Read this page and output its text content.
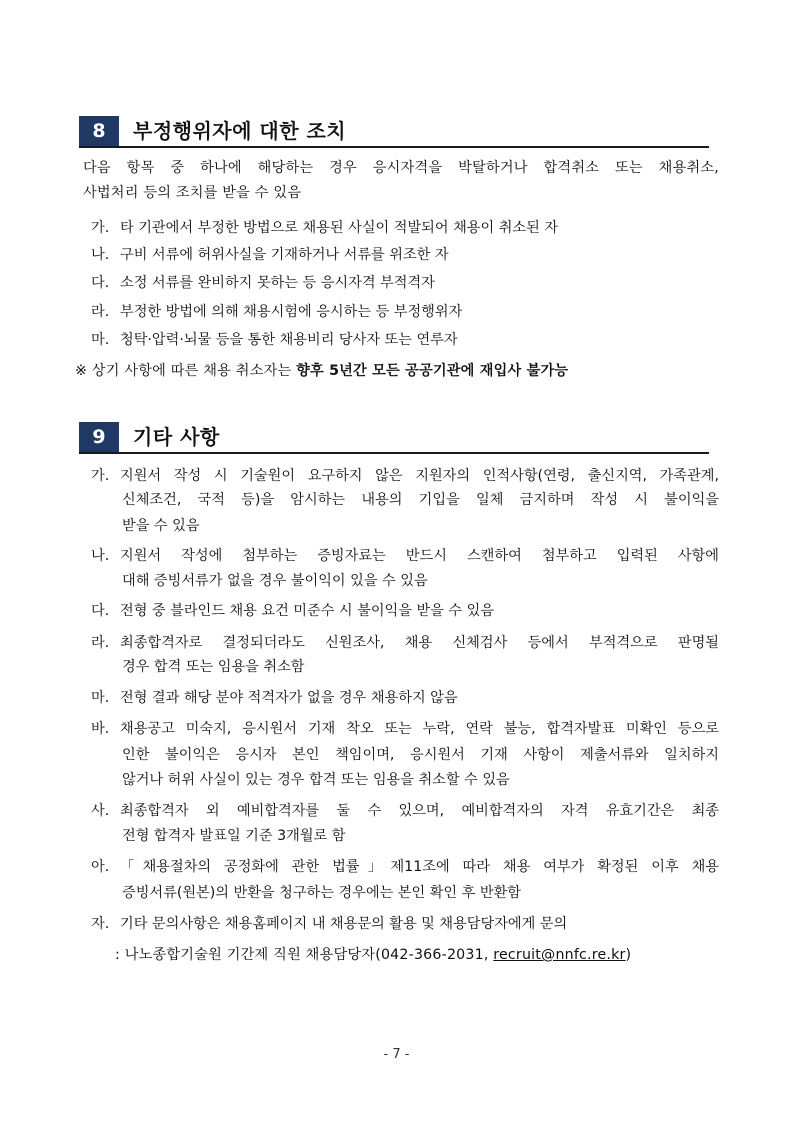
8	부정행위자에 대한 조치
다음 항목 중 하나에 해당하는 경우 응시자격을 박탈하거나 합격취소 또는 채용취소,
사법처리 등의 조치를 받을 수 있음
가. 타 기관에서 부정한 방법으로 채용된 사실이 적발되어 채용이 취소된 자
나. 구비 서류에 허위사실을 기재하거나 서류를 위조한 자
다. 소정 서류를 완비하지 못하는 등 응시자격 부적격자
라. 부정한 방법에 의해 채용시험에 응시하는 등 부정행위자
마. 청탁·압력·뇌물 등을 통한 채용비리 당사자 또는 연루자
※ 상기 사항에 따른 채용 취소자는 향후 5년간 모든 공공기관에 재입사 불가능
9	기타 사항
가. 지원서 작성 시 기술원이 요구하지 않은 지원자의 인적사항(연령, 출신지역, 가족관계,
신체조건, 국적 등)을 암시하는 내용의 기입을 일체 금지하며 작성 시 불이익을
받을 수 있음
나. 지원서 작성에 첨부하는 증빙자료는 반드시 스캔하여 첨부하고 입력된 사항에
대해 증빙서류가 없을 경우 불이익이 있을 수 있음
다. 전형 중 블라인드 채용 요건 미준수 시 불이익을 받을 수 있음
라. 최종합격자로 결정되더라도 신원조사, 채용 신체검사 등에서 부적격으로 판명될
경우 합격 또는 임용을 취소함
마. 전형 결과 해당 분야 적격자가 없을 경우 채용하지 않음
바. 채용공고 미숙지, 응시원서 기재 착오 또는 누락, 연락 불능, 합격자발표 미확인 등으로
인한 불이익은 응시자 본인 책임이며, 응시원서 기재 사항이 제출서류와 일치하지
않거나 허위 사실이 있는 경우 합격 또는 임용을 취소할 수 있음
사. 최종합격자 외 예비합격자를 둘 수 있으며, 예비합격자의 자격 유효기간은 최종
전형 합격자 발표일 기준 3개월로 함
아. 「채용절차의 공정화에 관한 법률」제11조에 따라 채용 여부가 확정된 이후 채용
증빙서류(원본)의 반환을 청구하는 경우에는 본인 확인 후 반환함
자. 기타 문의사항은 채용홈페이지 내 채용문의 활용 및 채용담당자에게 문의
: 나노종합기술원 기간제 직원 채용담당자(042-366-2031, recruit@nnfc.re.kr)
- 7 -
